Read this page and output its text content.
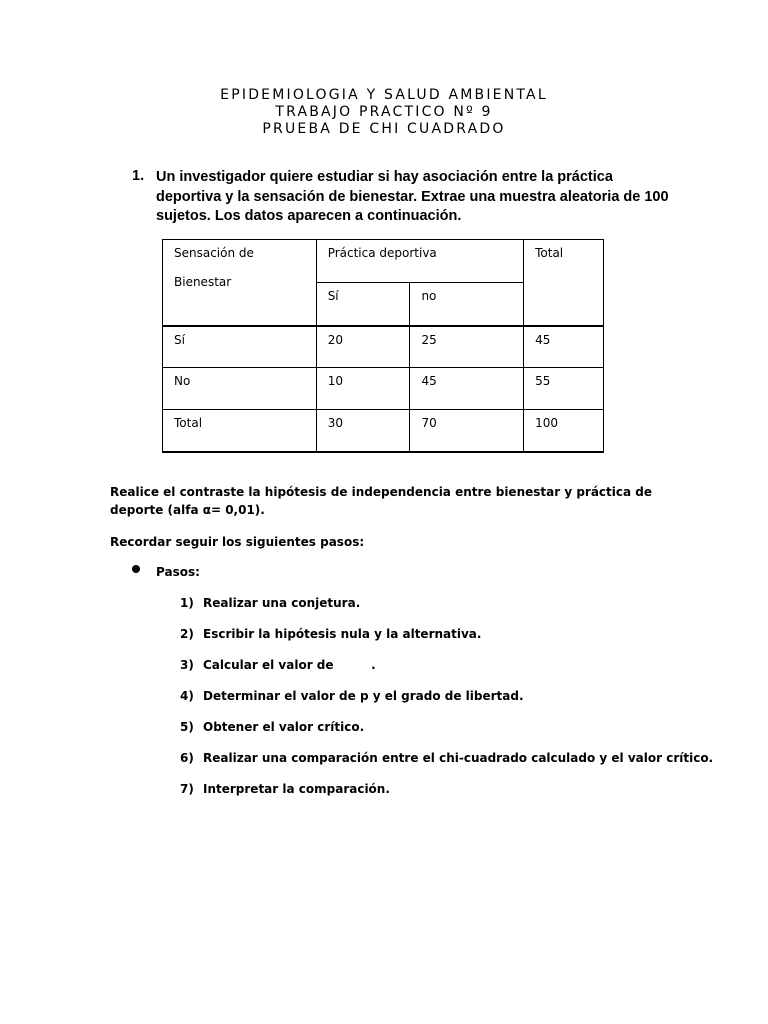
EPIDEMIOLOGIA Y SALUD AMBIENTAL
TRABAJO PRACTICO Nº 9
PRUEBA DE CHI CUADRADO
1. Un investigador quiere estudiar si hay asociación entre la práctica deportiva y la sensación de bienestar. Extrae una muestra aleatoria de 100 sujetos. Los datos aparecen a continuación.
Sensación de
Bienestar	Práctica deportiva		Total
	Sí	no	
Sí	20	25	45
No	10	45	55
Total	30	70	100
Realice el contraste la hipótesis de independencia entre bienestar y práctica de deporte (alfa α= 0,01).
Recordar seguir los siguientes pasos:
Pasos:
1) Realizar una conjetura.
2) Escribir la hipótesis nula y la alternativa.
3) Calcular el valor de         .
4) Determinar el valor de p y el grado de libertad.
5) Obtener el valor crítico.
6) Realizar una comparación entre el chi-cuadrado calculado y el valor crítico.
7) Interpretar la comparación.
